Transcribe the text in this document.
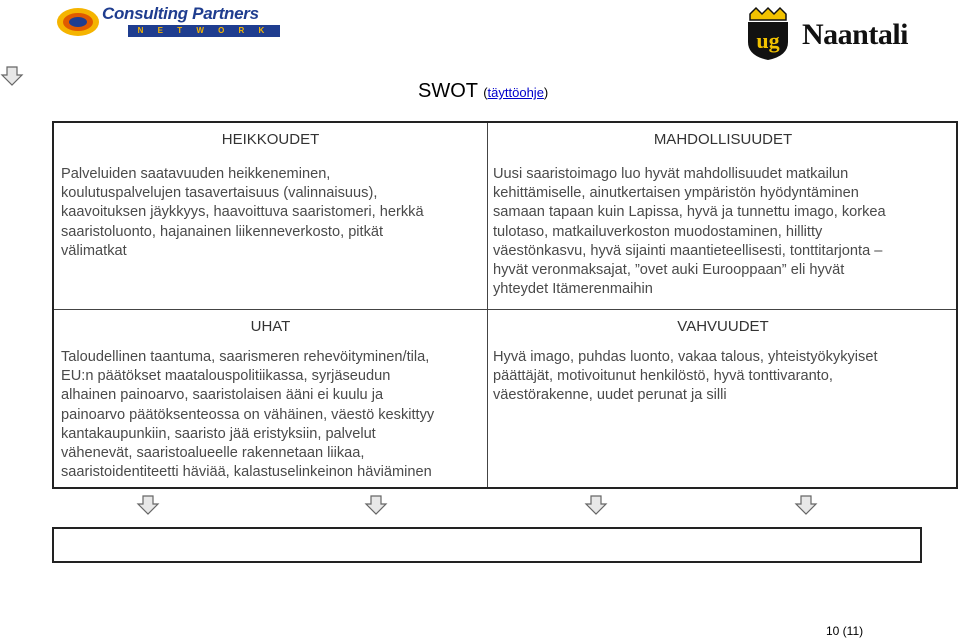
Consulting Partners
N E T W O R K	ug Naantali
SWOT (täyttöohje)
HEIKKOUDET
Palveluiden saatavuuden heikkeneminen,
koulutuspalvelujen tasavertaisuus (valinnaisuus),
kaavoituksen jäykkyys, haavoittuva saaristomeri, herkkä
saaristoluonto, hajanainen liikenneverkosto, pitkät
välimatkat
MAHDOLLISUUDET
Uusi saaristoimago luo hyvät mahdollisuudet matkailun
kehittämiselle, ainutkertaisen ympäristön hyödyntäminen
samaan tapaan kuin Lapissa, hyvä ja tunnettu imago, korkea
tulotaso, matkailuverkoston muodostaminen, hillitty
väestönkasvu, hyvä sijainti maantieteellisesti, tonttitarjonta –
hyvät veronmaksajat, ”ovet auki Eurooppaan” eli hyvät
yhteydet Itämerenmaihin
UHAT
Taloudellinen taantuma, saarismeren rehevöityminen/tila,
EU:n päätökset maatalouspolitiikassa, syrjäseudun
alhainen painoarvo, saaristolaisen ääni ei kuulu ja
painoarvo päätöksenteossa on vähäinen, väestö keskittyy
kantakaupunkiin, saaristo jää eristyksiin, palvelut
vähenevät, saaristoalueelle rakennetaan liikaa,
saaristoidentiteetti häviää, kalastuselinkeinon häviäminen
VAHVUUDET
Hyvä imago, puhdas luonto, vakaa talous, yhteistyökykyiset
päättäjät, motivoitunut henkilöstö, hyvä tonttivaranto,
väestörakenne, uudet perunat ja silli
10 (11)
